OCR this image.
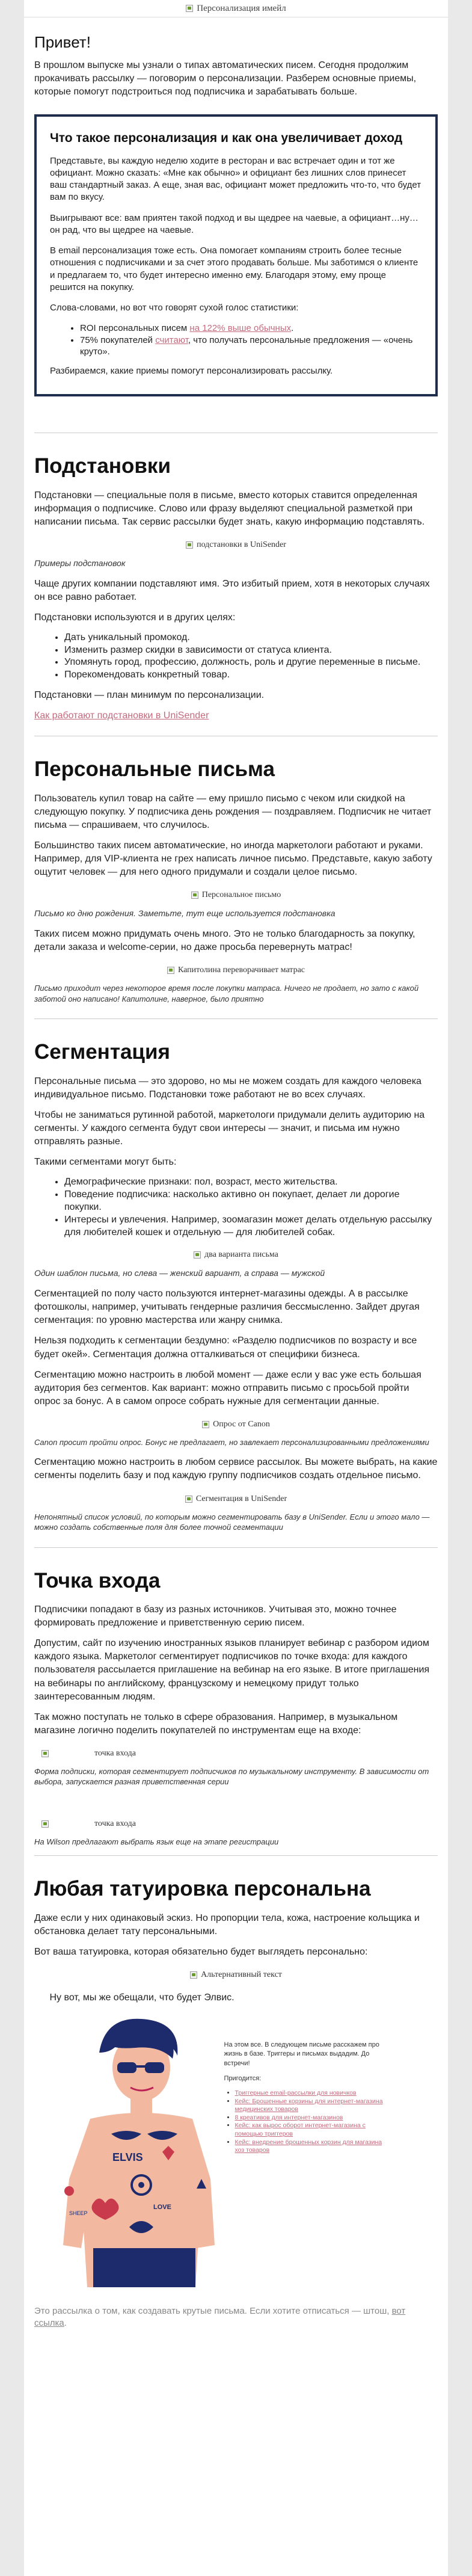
Персонализация имейл
Привет!

В прошлом выпуске мы узнали о типах автоматических писем. Сегодня продолжим прокачивать рассылку — поговорим о персонализации. Разберем основные приемы, которые помогут подстроиться под подписчика и зарабатывать больше.

Что такое персонализация и как она увеличивает доход

Представьте, вы каждую неделю ходите в ресторан и вас встречает один и тот же официант. Можно сказать: «Мне как обычно» и официант без лишних слов принесет ваш стандартный заказ. А еще, зная вас, официант может предложить что-то, что будет вам по вкусу.

Выигрывают все: вам приятен такой подход и вы щедрее на чаевые, а официант…ну… он рад, что вы щедрее на чаевые.

В email персонализация тоже есть. Она помогает компаниям строить более тесные отношения с подписчиками и за счет этого продавать больше. Мы заботимся о клиенте и предлагаем то, что будет интересно именно ему. Благодаря этому, ему проще решится на покупку.

Слова-словами, но вот что говорят сухой голос статистики:

• ROI персональных писем на 122% выше обычных.
• 75% покупателей считают, что получать персональные предложения — «очень круто».

Разбираемся, какие приемы помогут персонализировать рассылку.

Подстановки

Подстановки — специальные поля в письме, вместо которых ставится определенная информация о подписчике. Слово или фразу выделяют специальной разметкой при написании письма. Так сервис рассылки будет знать, какую информацию подставлять.

подстановки в UniSender

Примеры подстановок

Чаще других компании подставляют имя. Это избитый прием, хотя в некоторых случаях он все равно работает.

Подстановки используются и в других целях:

• Дать уникальный промокод.
• Изменить размер скидки в зависимости от статуса клиента.
• Упомянуть город, профессию, должность, роль и другие переменные в письме.
• Порекомендовать конкретный товар.

Подстановки — план минимум по персонализации.

Как работают подстановки в UniSender

Персональные письма

Пользователь купил товар на сайте — ему пришло письмо с чеком или скидкой на следующую покупку. У подписчика день рождения — поздравляем. Подписчик не читает письма — спрашиваем, что случилось.

Большинство таких писем автоматические, но иногда маркетологи работают и руками. Например, для VIP-клиента не грех написать личное письмо. Представьте, какую заботу ощутит человек — для него одного придумали и создали целое письмо.

Персональное письмо

Письмо ко дню рождения. Заметьте, тут еще используется подстановка

Таких писем можно придумать очень много. Это не только благодарность за покупку, детали заказа и welcome-серии, но даже просьба перевернуть матрас!

Капитолина переворачивает матрас

Письмо приходит через некоторое время после покупки матраса. Ничего не продает, но зато с какой заботой оно написано! Капитолине, наверное, было приятно

Сегментация

Персональные письма — это здорово, но мы не можем создать для каждого человека индивидуальное письмо. Подстановки тоже работают не во всех случаях.

Чтобы не заниматься рутинной работой, маркетологи придумали делить аудиторию на сегменты. У каждого сегмента будут свои интересы — значит, и письма им нужно отправлять разные.

Такими сегментами могут быть:

• Демографические признаки: пол, возраст, место жительства.
• Поведение подписчика: насколько активно он покупает, делает ли дорогие покупки.
• Интересы и увлечения. Например, зоомагазин может делать отдельную рассылку для любителей кошек и отдельную — для любителей собак.
два варианта письма

Один шаблон письма, но слева — женский вариант, а справа — мужской

Сегментацией по полу часто пользуются интернет-магазины одежды. А в рассылке фотошколы, например, учитывать гендерные различия бессмысленно. Зайдет другая сегментация: по уровню мастерства или жанру снимка.

Нельзя подходить к сегментации бездумно: «Разделю подписчиков по возрасту и все будет окей». Сегментация должна отталкиваться от специфики бизнеса.

Сегментацию можно настроить в любой момент — даже если у вас уже есть большая аудитория без сегментов. Как вариант: можно отправить письмо с просьбой пройти опрос за бонус. А в самом опросе собрать нужные для сегментации данные.

Опрос от Canon

Canon просит пройти опрос. Бонус не предлагает, но завлекает персонализированными предложениями

Сегментацию можно настроить в любом сервисе рассылок. Вы можете выбрать, на какие сегменты поделить базу и под каждую группу подписчиков создать отдельное письмо.

Сегментация в UniSender

Непонятный список условий, по которым можно сегментировать базу в UniSender. Если и этого мало — можно создать собственные поля для более точной сегментации

Точка входа

Подписчики попадают в базу из разных источников. Учитывая это, можно точнее формировать предложение и приветственную серию писем.

Допустим, сайт по изучению иностранных языков планирует вебинар с разбором идиом каждого языка. Маркетолог сегментирует подписчиков по точке входа: для каждого пользователя рассылается приглашение на вебинар на его языке. В итоге приглашения на вебинары по английскому, французскому и немецкому придут только заинтересованным людям.

Так можно поступать не только в сфере образования. Например, в музыкальном магазине логично поделить покупателей по инструментам еще на входе:

точка входа

Форма подписки, которая сегментирует подписчиков по музыкальному инструменту. В зависимости от выбора, запускается разная приветственная серии

точка входа

На Wilson предлагают выбрать язык еще на этапе регистрации

Любая татуировка персональна

Даже если у них одинаковый эскиз. Но пропорции тела, кожа, настроение кольщика и обстановка делает тату персональными.

Вот ваша татуировка, которая обязательно будет выглядеть персонально:

Альтернативный текст
Ну вот, мы же обещали, что будет Элвис.
ELVIS
LOVE
SHEEP

На этом все. В следующем письме расскажем про жизнь в базе. Триггеры и письмах выдадим. До встречи!

Пригодится:

• Триггерные email-рассылки для новичков
• Кейс: Брошенные корзины для интернет-магазина медицинских товаров
• 8 креативов для интернет-магазинов
• Кейс: как вырос оборот интернет-магазина с помощью триггеров
• Кейс: внедрение брошенных корзин для магазина хоз товаров

Это рассылка о том, как создавать крутые письма. Если хотите отписаться — штош, вот ссылка.
